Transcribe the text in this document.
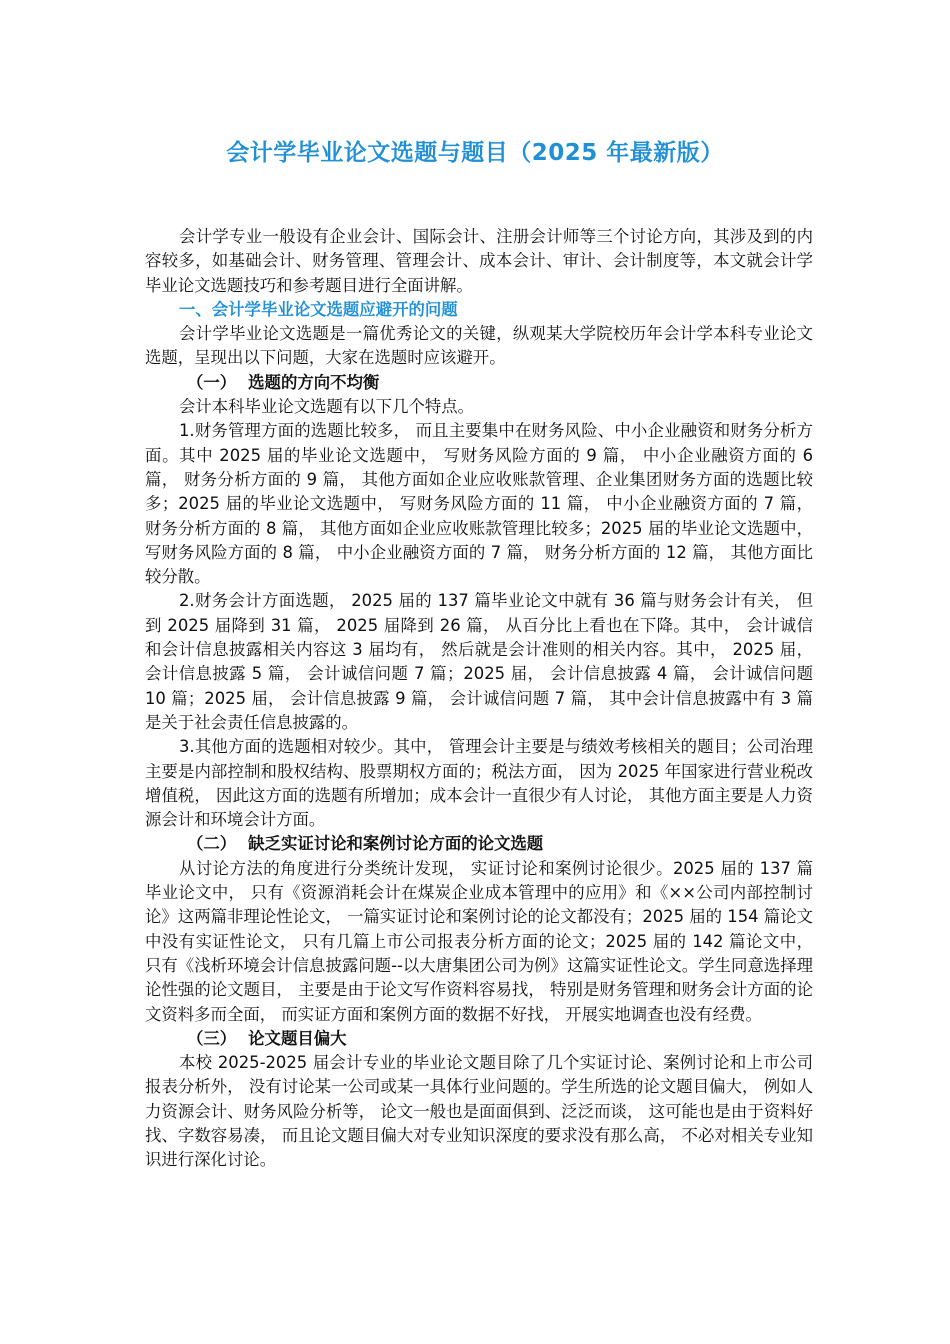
会计学毕业论文选题与题目（2025 年最新版）

会计学专业一般设有企业会计、国际会计、注册会计师等三个讨论方向，其涉及到的内容较多，如基础会计、财务管理、管理会计、成本会计、审计、会计制度等，本文就会计学毕业论文选题技巧和参考题目进行全面讲解。

一、会计学毕业论文选题应避开的问题

会计学毕业论文选题是一篇优秀论文的关键，纵观某大学院校历年会计学本科专业论文选题，呈现出以下问题，大家在选题时应该避开。

（一） 选题的方向不均衡

会计本科毕业论文选题有以下几个特点。

1.财务管理方面的选题比较多， 而且主要集中在财务风险、中小企业融资和财务分析方面。其中 2025 届的毕业论文选题中， 写财务风险方面的 9 篇， 中小企业融资方面的 6 篇， 财务分析方面的 9 篇， 其他方面如企业应收账款管理、企业集团财务方面的选题比较多；2025 届的毕业论文选题中， 写财务风险方面的 11 篇， 中小企业融资方面的 7 篇， 财务分析方面的 8 篇， 其他方面如企业应收账款管理比较多；2025 届的毕业论文选题中， 写财务风险方面的 8 篇， 中小企业融资方面的 7 篇， 财务分析方面的 12 篇， 其他方面比较分散。

2.财务会计方面选题， 2025 届的 137 篇毕业论文中就有 36 篇与财务会计有关， 但到 2025 届降到 31 篇， 2025 届降到 26 篇， 从百分比上看也在下降。其中， 会计诚信和会计信息披露相关内容这 3 届均有， 然后就是会计准则的相关内容。其中， 2025 届， 会计信息披露 5 篇， 会计诚信问题 7 篇；2025 届， 会计信息披露 4 篇， 会计诚信问题 10 篇；2025 届， 会计信息披露 9 篇， 会计诚信问题 7 篇， 其中会计信息披露中有 3 篇是关于社会责任信息披露的。

3.其他方面的选题相对较少。其中， 管理会计主要是与绩效考核相关的题目；公司治理主要是内部控制和股权结构、股票期权方面的；税法方面， 因为 2025 年国家进行营业税改增值税， 因此这方面的选题有所增加；成本会计一直很少有人讨论， 其他方面主要是人力资源会计和环境会计方面。

（二） 缺乏实证讨论和案例讨论方面的论文选题

从讨论方法的角度进行分类统计发现， 实证讨论和案例讨论很少。2025 届的 137 篇毕业论文中， 只有《资源消耗会计在煤炭企业成本管理中的应用》和《××公司内部控制讨论》这两篇非理论性论文， 一篇实证讨论和案例讨论的论文都没有；2025 届的 154 篇论文中没有实证性论文， 只有几篇上市公司报表分析方面的论文；2025 届的 142 篇论文中， 只有《浅析环境会计信息披露问题--以大唐集团公司为例》这篇实证性论文。学生同意选择理论性强的论文题目， 主要是由于论文写作资料容易找， 特别是财务管理和财务会计方面的论文资料多而全面， 而实证方面和案例方面的数据不好找， 开展实地调查也没有经费。

（三） 论文题目偏大

本校 2025-2025 届会计专业的毕业论文题目除了几个实证讨论、案例讨论和上市公司报表分析外， 没有讨论某一公司或某一具体行业问题的。学生所选的论文题目偏大， 例如人力资源会计、财务风险分析等， 论文一般也是面面俱到、泛泛而谈， 这可能也是由于资料好找、字数容易凑， 而且论文题目偏大对专业知识深度的要求没有那么高， 不必对相关专业知识进行深化讨论。
